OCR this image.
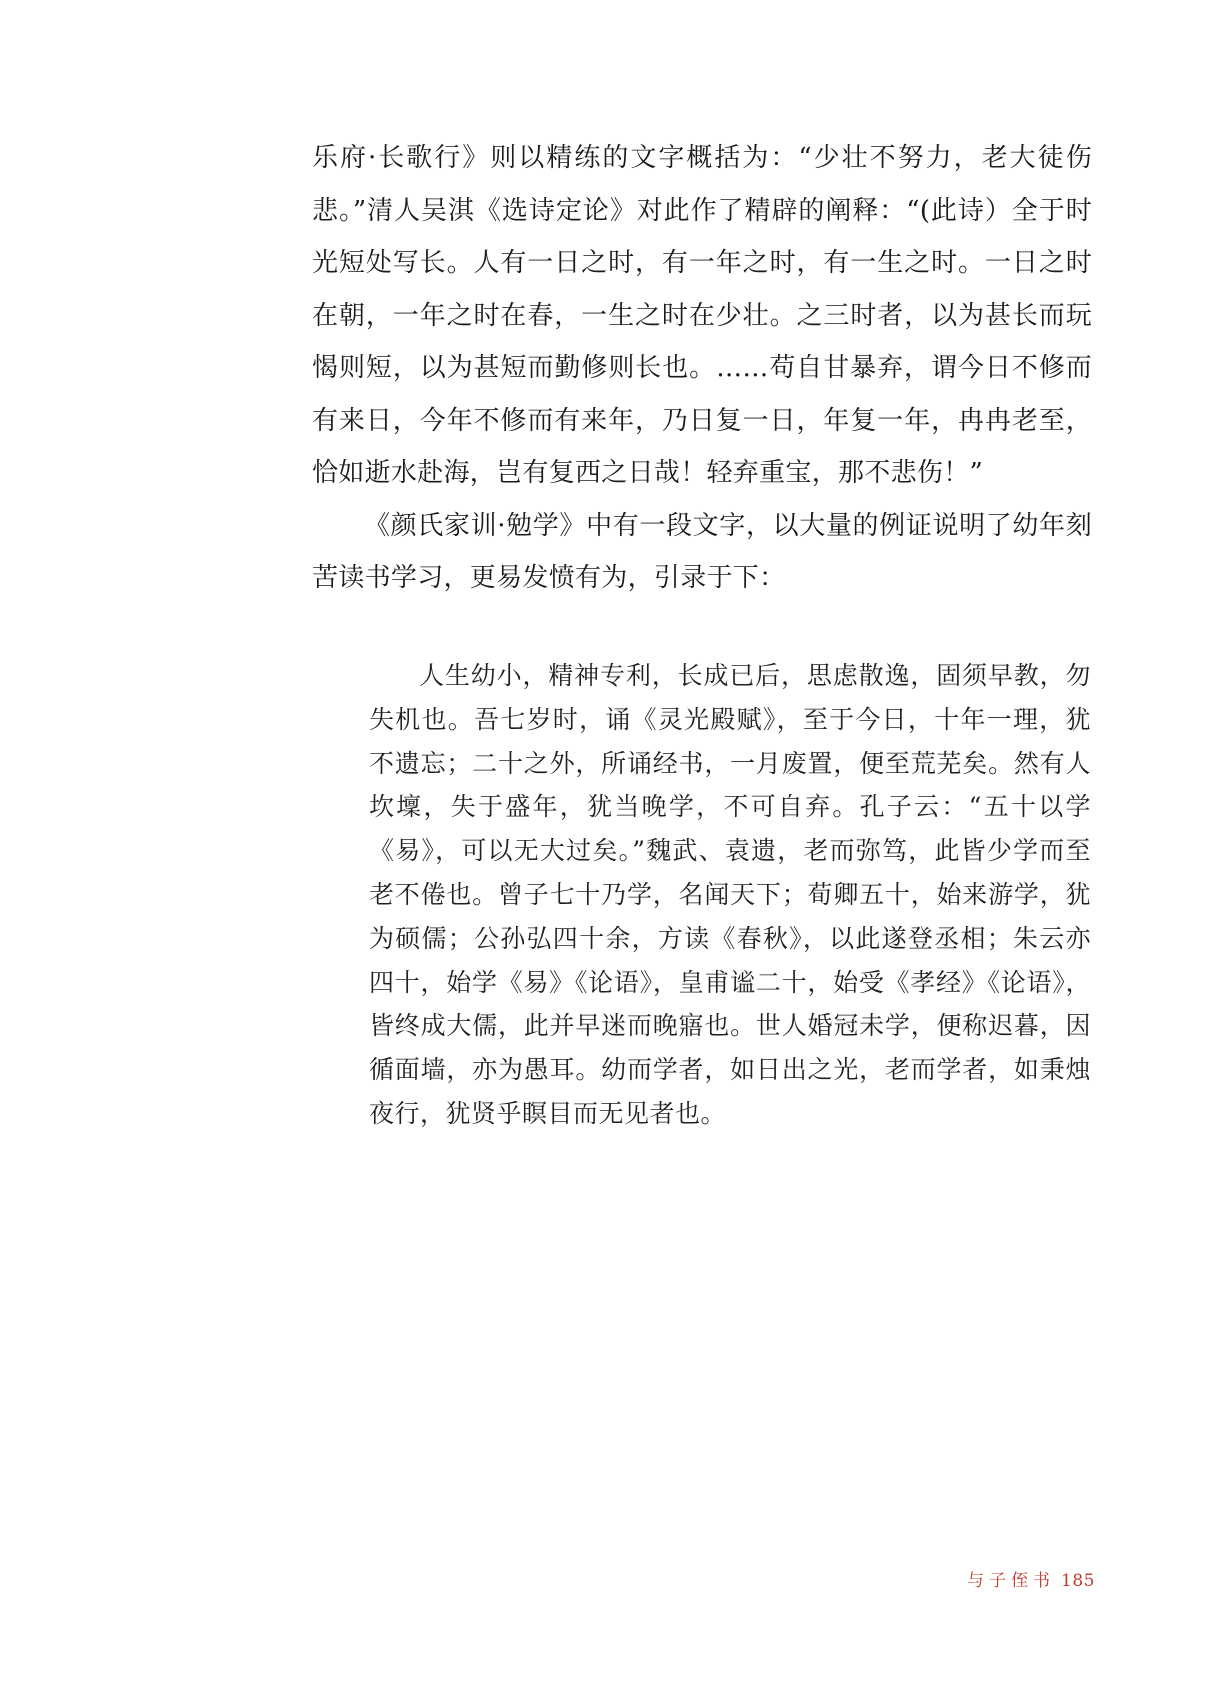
乐府·长歌行》则以精练的文字概括为：“少壮不努力，老大徒伤悲。”清人吴淇《选诗定论》对此作了精辟的阐释：“(此诗）全于时光短处写长。人有一日之时，有一年之时，有一生之时。一日之时在朝，一年之时在春，一生之时在少壮。之三时者，以为甚长而玩愒则短，以为甚短而勤修则长也。……苟自甘暴弃，谓今日不修而有来日，今年不修而有来年，乃日复一日，年复一年，冉冉老至，恰如逝水赴海，岂有复西之日哉！轻弃重宝，那不悲伤！”

《颜氏家训·勉学》中有一段文字，以大量的例证说明了幼年刻苦读书学习，更易发愤有为，引录于下：

人生幼小，精神专利，长成已后，思虑散逸，固须早教，勿失机也。吾七岁时，诵《灵光殿赋》，至于今日，十年一理，犹不遗忘；二十之外，所诵经书，一月废置，便至荒芜矣。然有人坎壈，失于盛年，犹当晚学，不可自弃。孔子云：“五十以学《易》，可以无大过矣。”魏武、袁遗，老而弥笃，此皆少学而至老不倦也。曾子七十乃学，名闻天下；荀卿五十，始来游学，犹为硕儒；公孙弘四十余，方读《春秋》，以此遂登丞相；朱云亦四十，始学《易》《论语》，皇甫谧二十，始受《孝经》《论语》，皆终成大儒，此并早迷而晚寤也。世人婚冠未学，便称迟暮，因循面墙，亦为愚耳。幼而学者，如日出之光，老而学者，如秉烛夜行，犹贤乎瞑目而无见者也。

与子侄书 185
